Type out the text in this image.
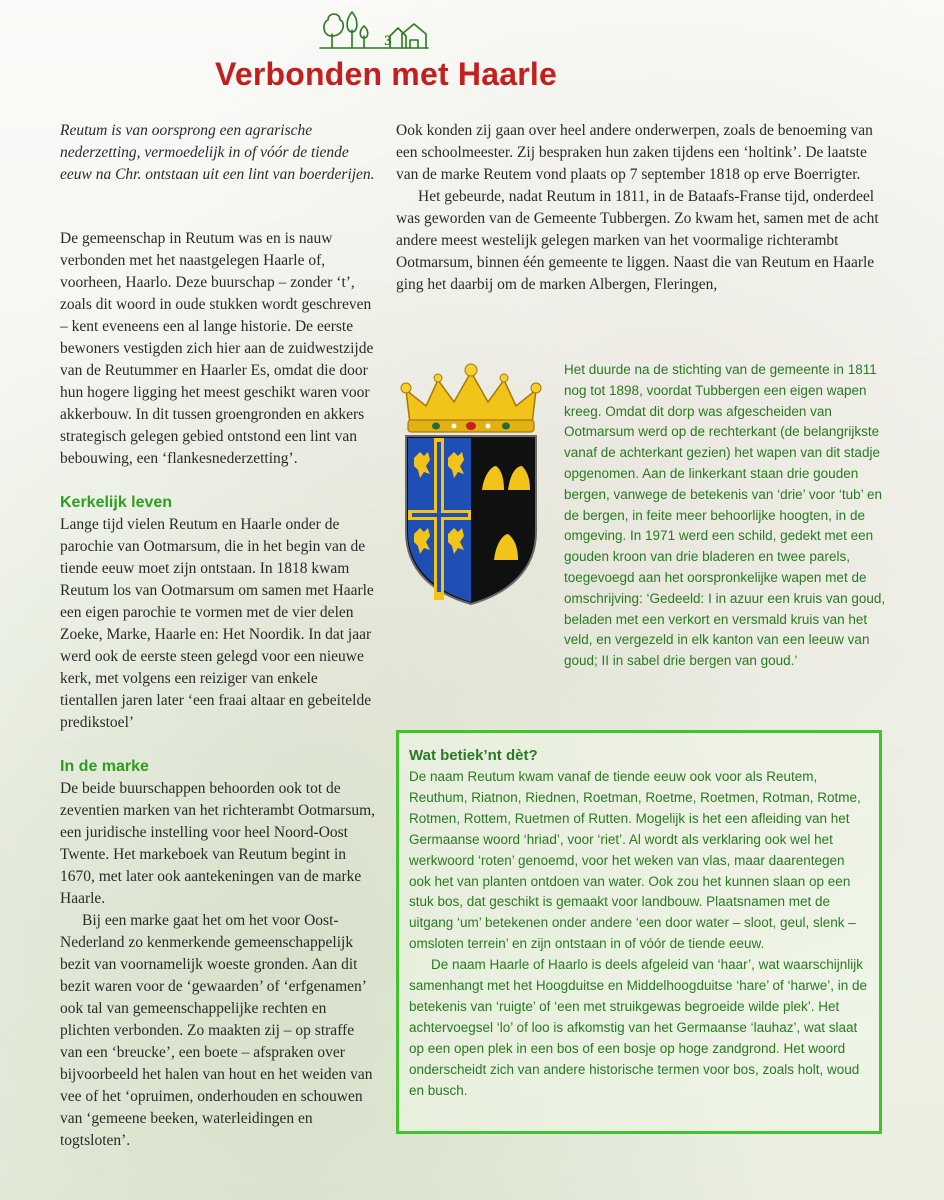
3
Verbonden met Haarle

Reutum is van oorsprong een agrarische nederzetting, vermoedelijk in of vóór de tiende eeuw na Chr. ontstaan uit een lint van boerderijen.

De gemeenschap in Reutum was en is nauw verbonden met het naastgelegen Haarle of, voorheen, Haarlo. Deze buurschap – zonder ‘t’, zoals dit woord in oude stukken wordt geschreven – kent eveneens een al lange historie. De eerste bewoners vestigden zich hier aan de zuidwestzijde van de Reutummer en Haarler Es, omdat die door hun hogere ligging het meest geschikt waren voor akkerbouw. In dit tussen groengronden en akkers strategisch gelegen gebied ontstond een lint van bebouwing, een ‘flankesnederzetting’.

Kerkelijk leven

Lange tijd vielen Reutum en Haarle onder de parochie van Ootmarsum, die in het begin van de tiende eeuw moet zijn ontstaan. In 1818 kwam Reutum los van Ootmarsum om samen met Haarle een eigen parochie te vormen met de vier delen Zoeke, Marke, Haarle en: Het Noordik. In dat jaar werd ook de eerste steen gelegd voor een nieuwe kerk, met volgens een reiziger van enkele tientallen jaren later ‘een fraai altaar en gebeitelde predikstoel’

In de marke

De beide buurschappen behoorden ook tot de zeventien marken van het richterambt Ootmarsum, een juridische instelling voor heel Noord-Oost Twente. Het markeboek van Reutum begint in 1670, met later ook aantekeningen van de marke Haarle.

Bij een marke gaat het om het voor Oost-Nederland zo kenmerkende gemeenschappelijk bezit van voornamelijk woeste gronden. Aan dit bezit waren voor de ‘gewaarden’ of ‘erfgenamen’ ook tal van gemeenschappelijke rechten en plichten verbonden. Zo maakten zij – op straffe van een ‘breucke’, een boete – afspraken over bijvoorbeeld het halen van hout en het weiden van vee of het ‘opruimen, onderhouden en schouwen van ‘gemeene beeken, waterleidingen en togtsloten’.

Ook konden zij gaan over heel andere onderwerpen, zoals de benoeming van een schoolmeester. Zij bespraken hun zaken tijdens een ‘holtink’. De laatste van de marke Reutem vond plaats op 7 september 1818 op erve Boerrigter.

Het gebeurde, nadat Reutum in 1811, in de Bataafs-Franse tijd, onderdeel was geworden van de Gemeente Tubbergen. Zo kwam het, samen met de acht andere meest westelijk gelegen marken van het voormalige richterambt Ootmarsum, binnen één gemeente te liggen. Naast die van Reutum en Haarle ging het daarbij om de marken Albergen, Fleringen,

Het duurde na de stichting van de gemeente in 1811 nog tot 1898, voordat Tubbergen een eigen wapen kreeg. Omdat dit dorp was afgescheiden van Ootmarsum werd op de rechterkant (de belangrijkste vanaf de achterkant gezien) het wapen van dit stadje opgenomen. Aan de linkerkant staan drie gouden bergen, vanwege de betekenis van ‘drie’ voor ‘tub’ en de bergen, in feite meer behoorlijke hoogten, in de omgeving. In 1971 werd een schild, gedekt met een gouden kroon van drie bladeren en twee parels, toegevoegd aan het oorspronkelijke wapen met de omschrijving: ‘Gedeeld: I in azuur een kruis van goud, beladen met een verkort en versmald kruis van het veld, en vergezeld in elk kanton van een leeuw van goud; II in sabel drie bergen van goud.’
Wat betiek’nt dèt?

De naam Reutum kwam vanaf de tiende eeuw ook voor als Reutem, Reuthum, Riatnon, Riednen, Roetman, Roetme, Roetmen, Rotman, Rotme, Rotmen, Rottem, Ruetmen of Rutten. Mogelijk is het een afleiding van het Germaanse woord ‘hriad’, voor ‘riet’. Al wordt als verklaring ook wel het werkwoord ‘roten’ genoemd, voor het weken van vlas, maar daarentegen ook het van planten ontdoen van water. Ook zou het kunnen slaan op een stuk bos, dat geschikt is gemaakt voor landbouw. Plaatsnamen met de uitgang ‘um’ betekenen onder andere ‘een door water – sloot, geul, slenk – omsloten terrein’ en zijn ontstaan in of vóór de tiende eeuw.

De naam Haarle of Haarlo is deels afgeleid van ‘haar’, wat waarschijnlijk samenhangt met het Hoogduitse en Middelhoogduitse ‘hare’ of ‘harwe’, in de betekenis van ‘ruigte’ of ‘een met struikgewas begroeide wilde plek’. Het achtervoegsel ‘lo’ of loo is afkomstig van het Germaanse ‘lauhaz’, wat slaat op een open plek in een bos of een bosje op hoge zandgrond. Het woord onderscheidt zich van andere historische termen voor bos, zoals holt, woud en busch.
